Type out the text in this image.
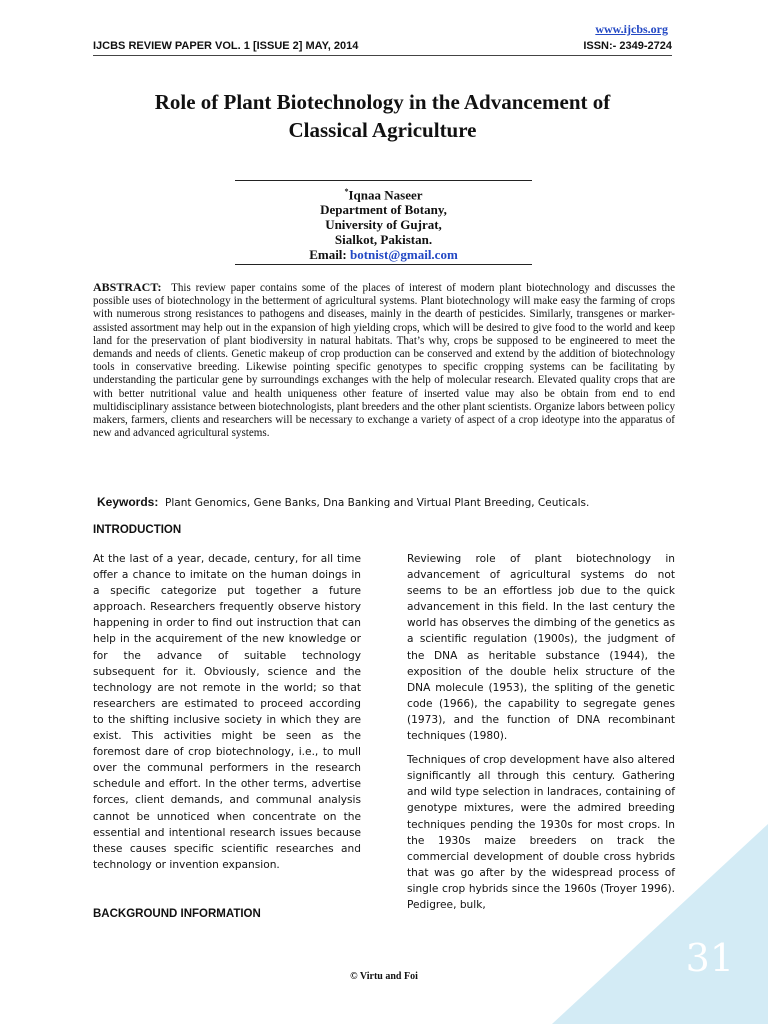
31
www.ijcbs.org
IJCBS REVIEW PAPER VOL. 1 [ISSUE 2] MAY, 2014	ISSN:- 2349-2724
Role of Plant Biotechnology in the Advancement of
Classical Agriculture
*Iqnaa Naseer
Department of Botany,
University of Gujrat,
Sialkot, Pakistan.
Email: botnist@gmail.com
ABSTRACT: This review paper contains some of the places of interest of modern plant biotechnology and discusses the possible uses of biotechnology in the betterment of agricultural systems. Plant biotechnology will make easy the farming of crops with numerous strong resistances to pathogens and diseases, mainly in the dearth of pesticides. Similarly, transgenes or marker-assisted assortment may help out in the expansion of high yielding crops, which will be desired to give food to the world and keep land for the preservation of plant biodiversity in natural habitats. That’s why, crops be supposed to be engineered to meet the demands and needs of clients. Genetic makeup of crop production can be conserved and extend by the addition of biotechnology tools in conservative breeding. Likewise pointing specific genotypes to specific cropping systems can be facilitating by understanding the particular gene by surroundings exchanges with the help of molecular research. Elevated quality crops that are with better nutritional value and health uniqueness other feature of inserted value may also be obtain from end to end multidisciplinary assistance between biotechnologists, plant breeders and the other plant scientists. Organize labors between policy makers, farmers, clients and researchers will be necessary to exchange a variety of aspect of a crop ideotype into the apparatus of new and advanced agricultural systems.
Keywords: Plant Genomics, Gene Banks, Dna Banking and Virtual Plant Breeding, Ceuticals.
INTRODUCTION

At the last of a year, decade, century, for all time offer a chance to imitate on the human doings in a specific categorize put together a future approach. Researchers frequently observe history happening in order to find out instruction that can help in the acquirement of the new knowledge or for the advance of suitable technology subsequent for it. Obviously, science and the technology are not remote in the world; so that researchers are estimated to proceed according to the shifting inclusive society in which they are exist. This activities might be seen as the foremost dare of crop biotechnology, i.e., to mull over the communal performers in the research schedule and effort. In the other terms, advertise forces, client demands, and communal analysis cannot be unnoticed when concentrate on the essential and intentional research issues because these causes specific scientific researches and technology or invention expansion.

BACKGROUND INFORMATION

Reviewing role of plant biotechnology in advancement of agricultural systems do not seems to be an effortless job due to the quick advancement in this field. In the last century the world has observes the dimbing of the genetics as a scientific regulation (1900s), the judgment of the DNA as heritable substance (1944), the exposition of the double helix structure of the DNA molecule (1953), the spliting of the genetic code (1966), the capability to segregate genes (1973), and the function of DNA recombinant techniques (1980).

Techniques of crop development have also altered significantly all through this century. Gathering and wild type selection in landraces, containing of genotype mixtures, were the admired breeding techniques pending the 1930s for most crops. In the 1930s maize breeders on track the commercial development of double cross hybrids that was go after by the widespread process of single crop hybrids since the 1960s (Troyer 1996). Pedigree, bulk,

© Virtu and Foi
